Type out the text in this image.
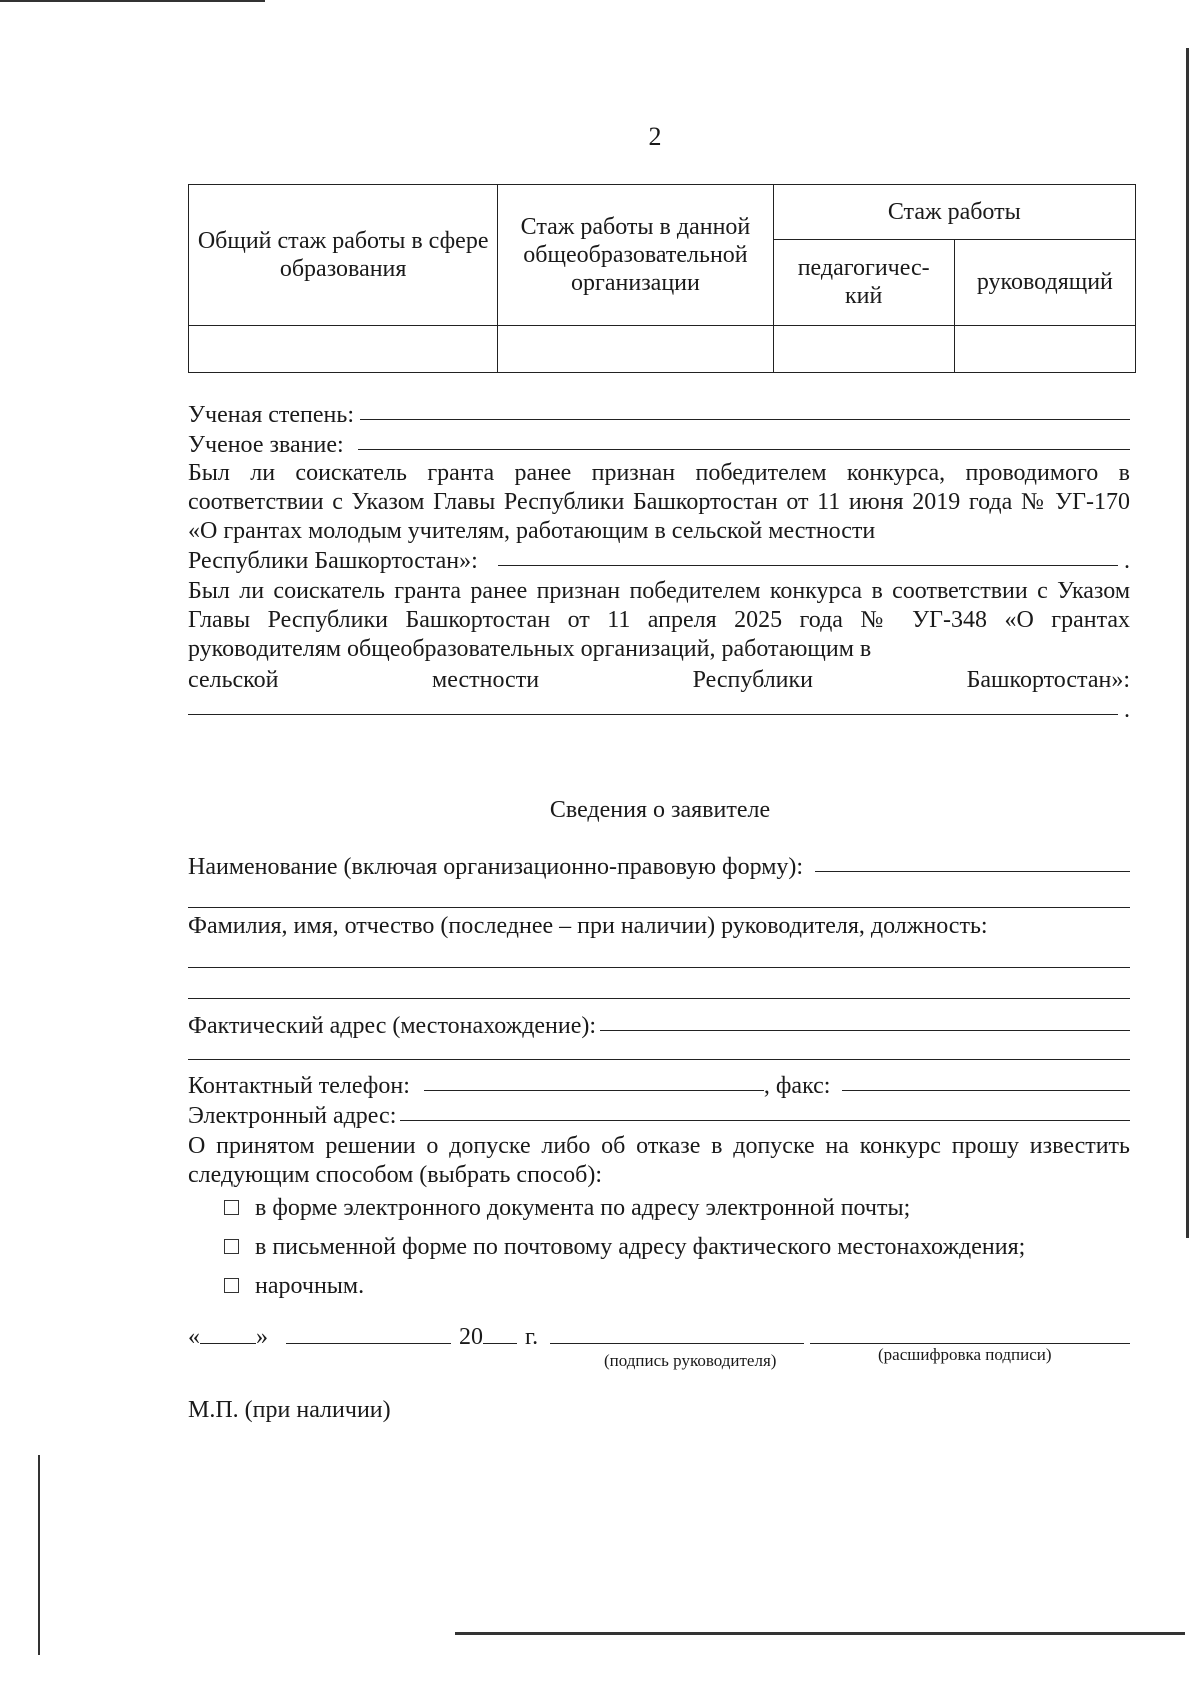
2
Общий стаж работы в сфере образования	Стаж работы в данной общеобразовательной организации	Стаж работы	
		педагогичес-кий	руководящий

Ученая степень:
Ученое звание:
Был ли соискатель гранта ранее признан победителем конкурса, проводимого в соответствии с Указом Главы Республики Башкортостан от 11 июня 2019 года № УГ-170 «О грантах молодым учителям, работающим в сельской местности
Республики Башкортостан»:	.
Был ли соискатель гранта ранее признан победителем конкурса в соответствии с Указом Главы Республики Башкортостан от 11 апреля 2025 года № УГ-348 «О грантах руководителям общеобразовательных организаций, работающим в
сельской местности Республики Башкортостан»:
.
Сведения о заявителе
Наименование (включая организационно-правовую форму):
Фамилия, имя, отчество (последнее – при наличии) руководителя, должность:
Фактический адрес (местонахождение):
Контактный телефон:	, факс:
Электронный адрес:
О принятом решении о допуске либо об отказе в допуске на конкурс прошу известить следующим способом (выбрать способ):
в форме электронного документа по адресу электронной почты;
в письменной форме по почтовому адресу фактического местонахождения;
нарочным.
« »	20 г.
(подпись руководителя)	(расшифровка подписи)
М.П. (при наличии)
